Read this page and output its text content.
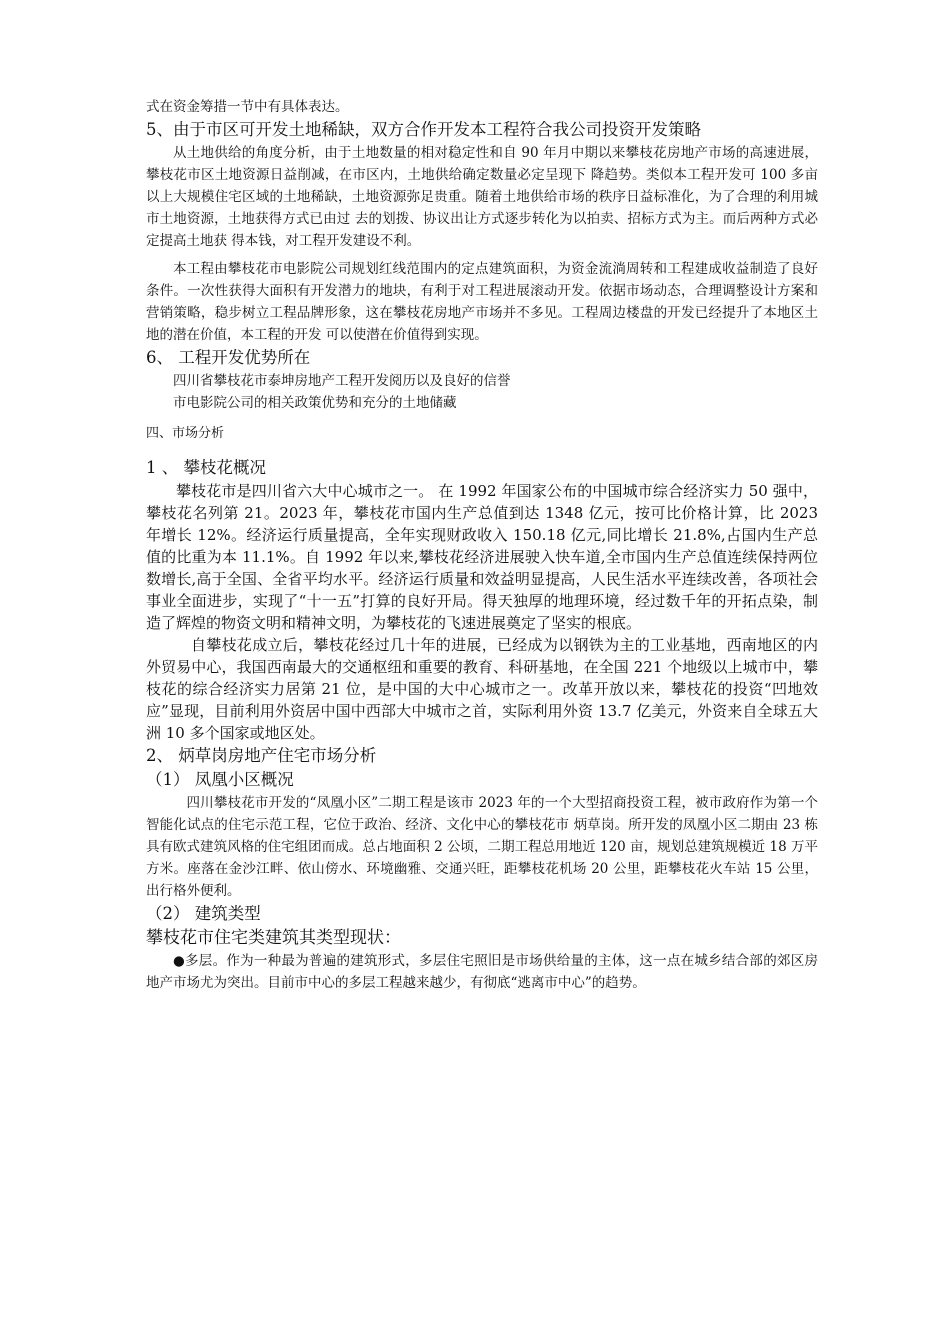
式在资金筹措一节中有具体表达。

5、由于市区可开发土地稀缺，双方合作开发本工程符合我公司投资开发策略

从土地供给的角度分析，由于土地数量的相对稳定性和自 90 年月中期以来攀枝花房地产市场的高速进展，攀枝花市区土地资源日益削减，在市区内，土地供给确定数量必定呈现下 降趋势。类似本工程开发可 100 多亩以上大规模住宅区域的土地稀缺，土地资源弥足贵重。随着土地供给市场的秩序日益标准化，为了合理的利用城市土地资源，土地获得方式已由过 去的划拨、协议出让方式逐步转化为以拍卖、招标方式为主。而后两种方式必定提高土地获 得本钱，对工程开发建设不利。

本工程由攀枝花市电影院公司规划红线范围内的定点建筑面积，为资金流淌周转和工程建成收益制造了良好条件。一次性获得大面积有开发潜力的地块，有利于对工程进展滚动开发。依据市场动态，合理调整设计方案和营销策略，稳步树立工程品牌形象，这在攀枝花房地产市场并不多见。工程周边楼盘的开发已经提升了本地区土地的潜在价值，本工程的开发 可以使潜在价值得到实现。

6、 工程开发优势所在

四川省攀枝花市泰坤房地产工程开发阅历以及良好的信誉

市电影院公司的相关政策优势和充分的土地储藏

四、市场分析

1 、 攀枝花概况

攀枝花市是四川省六大中心城市之一。 在 1992 年国家公布的中国城市综合经济实力 50 强中，攀枝花名列第 21。2023 年，攀枝花市国内生产总值到达 1348 亿元，按可比价格计算，比 2023 年增长 12%。经济运行质量提高，全年实现财政收入 150.18 亿元,同比增长 21.8%,占国内生产总值的比重为本 11.1%。自 1992 年以来,攀枝花经济进展驶入快车道,全市国内生产总值连续保持两位数增长,高于全国、全省平均水平。经济运行质量和效益明显提高，人民生活水平连续改善，各项社会事业全面进步，实现了“十一五”打算的良好开局。得天独厚的地理环境，经过数千年的开拓点染，制造了辉煌的物资文明和精神文明，为攀枝花的飞速进展奠定了坚实的根底。

自攀枝花成立后，攀枝花经过几十年的进展，已经成为以钢铁为主的工业基地，西南地区的内外贸易中心，我国西南最大的交通枢纽和重要的教育、科研基地，在全国 221 个地级以上城市中，攀枝花的综合经济实力居第 21 位，是中国的大中心城市之一。改革开放以来，攀枝花的投资“凹地效应”显现，目前利用外资居中国中西部大中城市之首，实际利用外资 13.7 亿美元，外资来自全球五大洲 10 多个国家或地区处。

2、 炳草岗房地产住宅市场分析

（1） 凤凰小区概况

四川攀枝花市开发的“凤凰小区”二期工程是该市 2023 年的一个大型招商投资工程，被市政府作为第一个智能化试点的住宅示范工程，它位于政治、经济、文化中心的攀枝花市 炳草岗。所开发的凤凰小区二期由 23 栋具有欧式建筑风格的住宅组团而成。总占地面积 2 公顷，二期工程总用地近 120 亩，规划总建筑规模近 18 万平方米。座落在金沙江畔、依山傍水、环境幽雅、交通兴旺，距攀枝花机场 20 公里，距攀枝花火车站 15 公里，出行格外便利。

（2） 建筑类型

攀枝花市住宅类建筑其类型现状：

●多层。作为一种最为普遍的建筑形式，多层住宅照旧是市场供给量的主体，这一点在城乡结合部的郊区房地产市场尤为突出。目前市中心的多层工程越来越少，有彻底“逃离市中心”的趋势。
